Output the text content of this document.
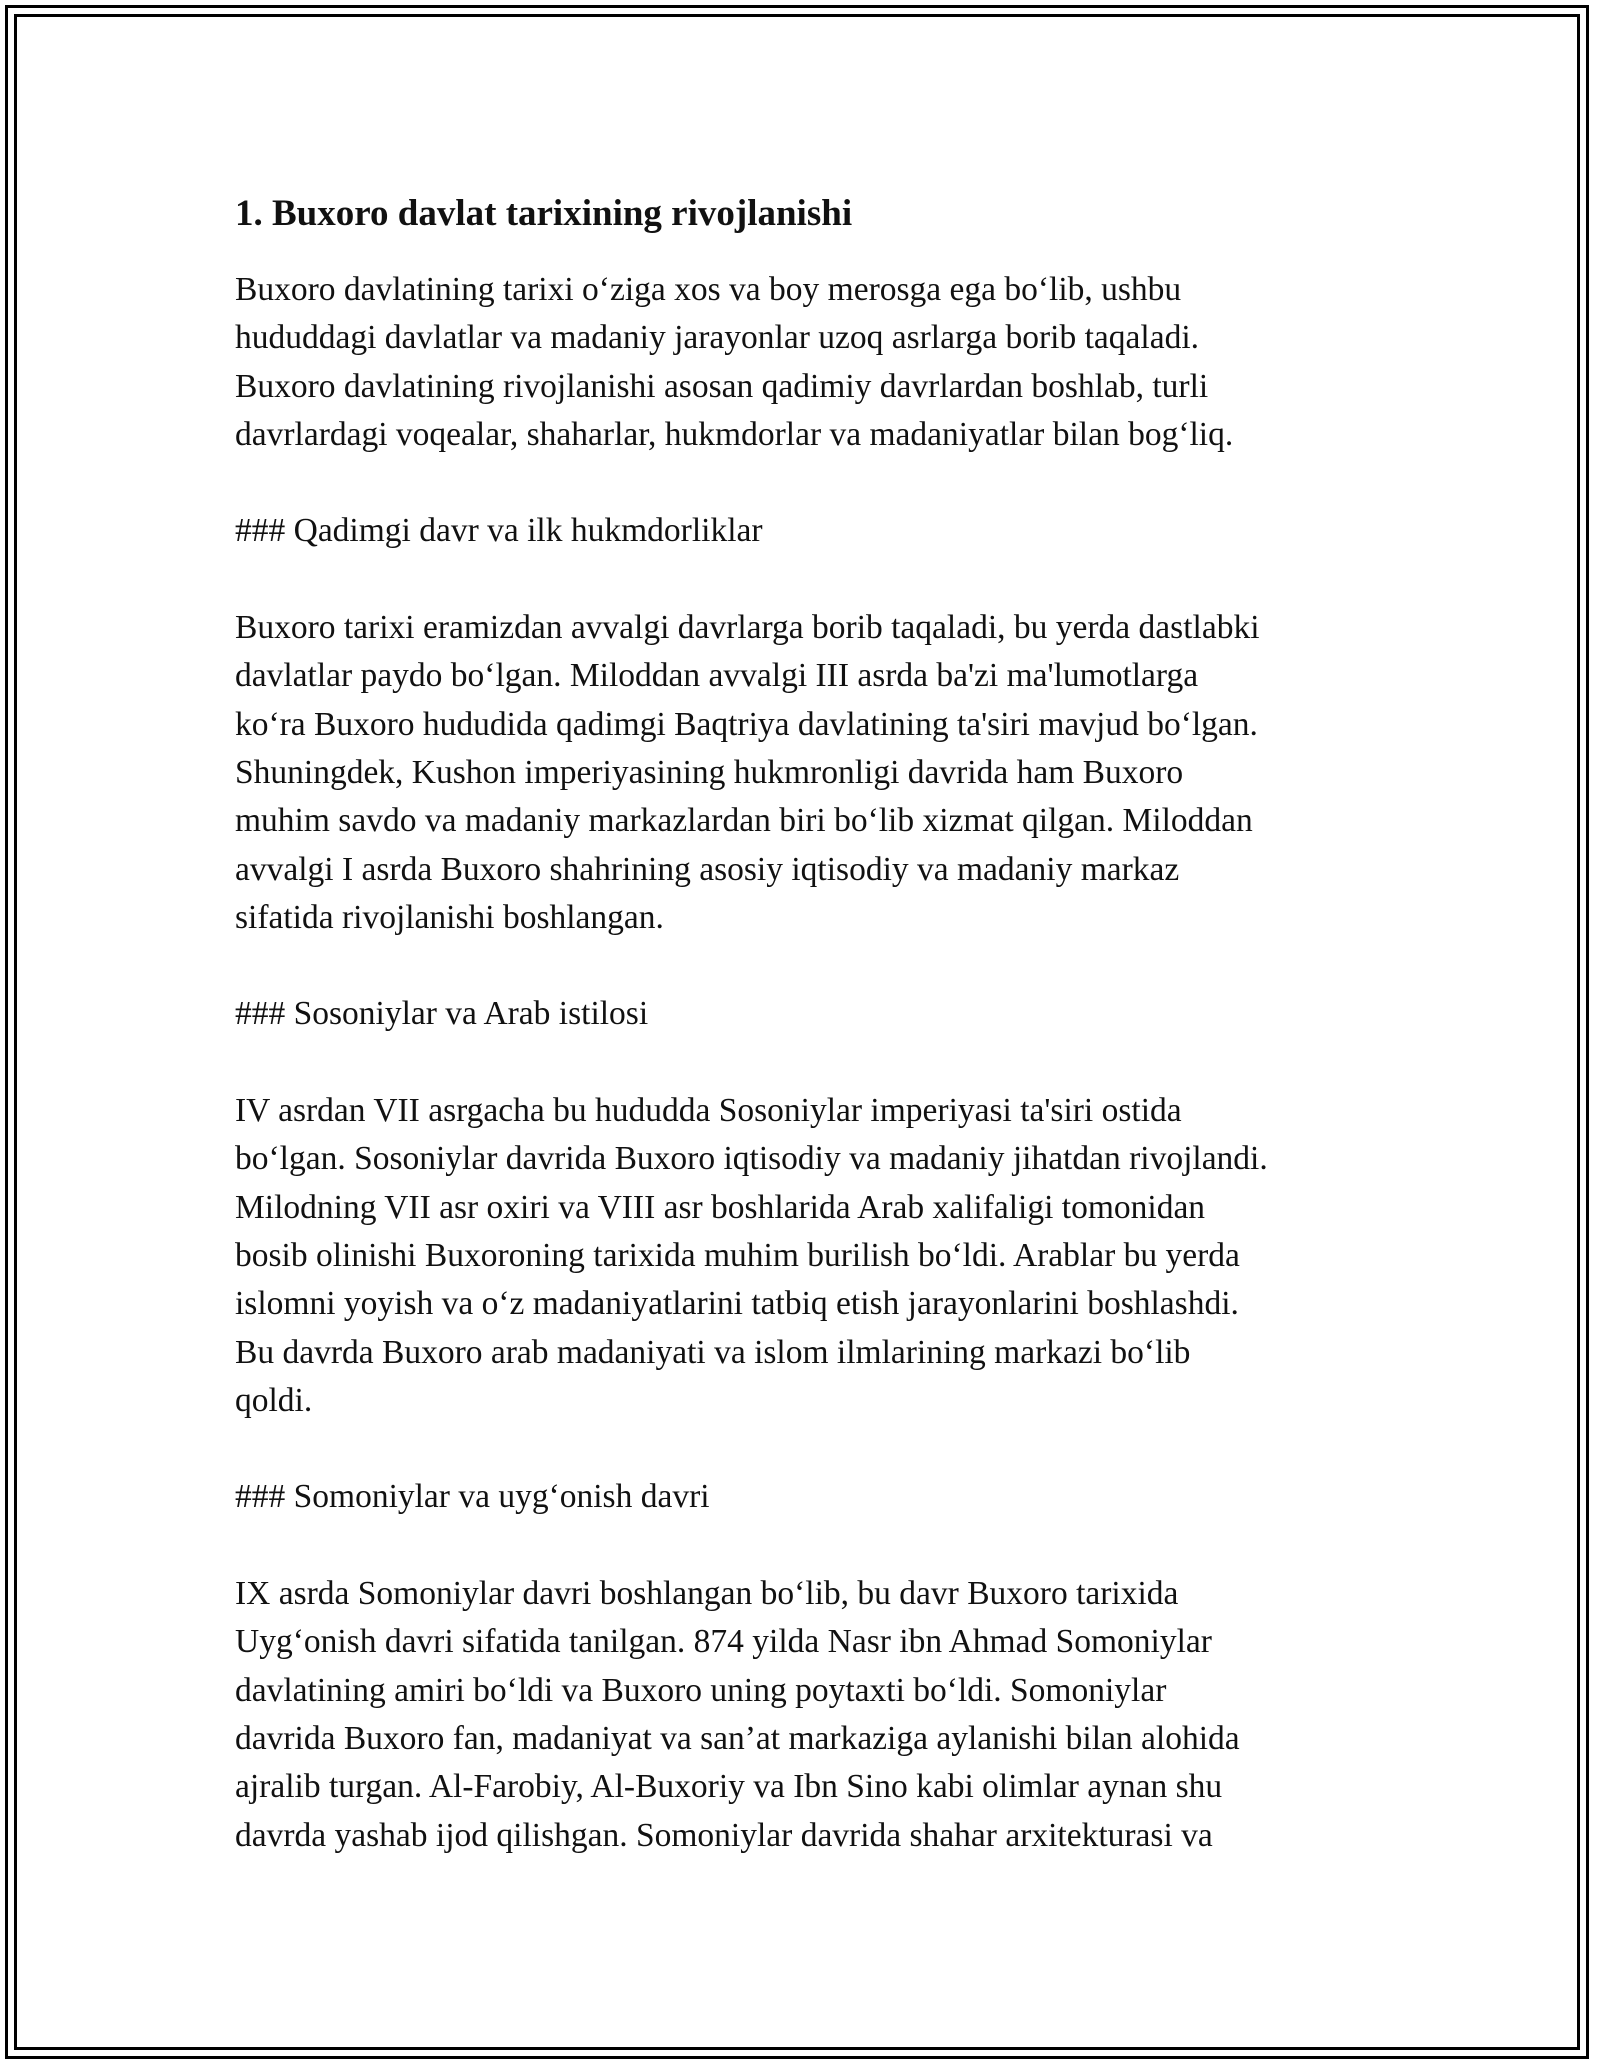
1. Buxoro davlat tarixining rivojlanishi

Buxoro davlatining tarixi o‘ziga xos va boy merosga ega bo‘lib, ushbu
hududdagi davlatlar va madaniy jarayonlar uzoq asrlarga borib taqaladi.
Buxoro davlatining rivojlanishi asosan qadimiy davrlardan boshlab, turli
davrlardagi voqealar, shaharlar, hukmdorlar va madaniyatlar bilan bog‘liq.

### Qadimgi davr va ilk hukmdorliklar

Buxoro tarixi eramizdan avvalgi davrlarga borib taqaladi, bu yerda dastlabki
davlatlar paydo bo‘lgan. Miloddan avvalgi III asrda ba'zi ma'lumotlarga
ko‘ra Buxoro hududida qadimgi Baqtriya davlatining ta'siri mavjud bo‘lgan.
Shuningdek, Kushon imperiyasining hukmronligi davrida ham Buxoro
muhim savdo va madaniy markazlardan biri bo‘lib xizmat qilgan. Miloddan
avvalgi I asrda Buxoro shahrining asosiy iqtisodiy va madaniy markaz
sifatida rivojlanishi boshlangan.

### Sosoniylar va Arab istilosi

IV asrdan VII asrgacha bu hududda Sosoniylar imperiyasi ta'siri ostida
bo‘lgan. Sosoniylar davrida Buxoro iqtisodiy va madaniy jihatdan rivojlandi.
Milodning VII asr oxiri va VIII asr boshlarida Arab xalifaligi tomonidan
bosib olinishi Buxoroning tarixida muhim burilish bo‘ldi. Arablar bu yerda
islomni yoyish va o‘z madaniyatlarini tatbiq etish jarayonlarini boshlashdi.
Bu davrda Buxoro arab madaniyati va islom ilmlarining markazi bo‘lib
qoldi.

### Somoniylar va uyg‘onish davri

IX asrda Somoniylar davri boshlangan bo‘lib, bu davr Buxoro tarixida
Uyg‘onish davri sifatida tanilgan. 874 yilda Nasr ibn Ahmad Somoniylar
davlatining amiri bo‘ldi va Buxoro uning poytaxti bo‘ldi. Somoniylar
davrida Buxoro fan, madaniyat va san’at markaziga aylanishi bilan alohida
ajralib turgan. Al-Farobiy, Al-Buxoriy va Ibn Sino kabi olimlar aynan shu
davrda yashab ijod qilishgan. Somoniylar davrida shahar arxitekturasi va
